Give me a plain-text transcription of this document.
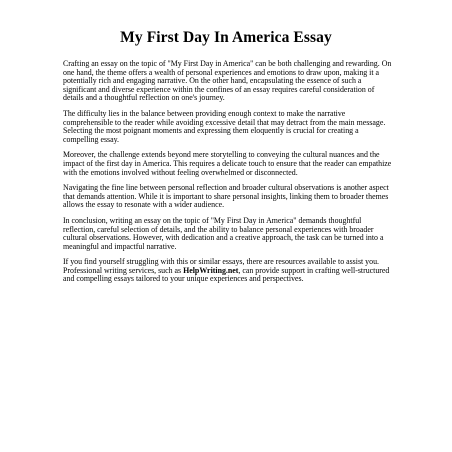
My First Day In America Essay

Crafting an essay on the topic of "My First Day in America" can be both challenging and rewarding. On one hand, the theme offers a wealth of personal experiences and emotions to draw upon, making it a potentially rich and engaging narrative. On the other hand, encapsulating the essence of such a significant and diverse experience within the confines of an essay requires careful consideration of details and a thoughtful reflection on one's journey.

The difficulty lies in the balance between providing enough context to make the narrative comprehensible to the reader while avoiding excessive detail that may detract from the main message. Selecting the most poignant moments and expressing them eloquently is crucial for creating a compelling essay.

Moreover, the challenge extends beyond mere storytelling to conveying the cultural nuances and the impact of the first day in America. This requires a delicate touch to ensure that the reader can empathize with the emotions involved without feeling overwhelmed or disconnected.

Navigating the fine line between personal reflection and broader cultural observations is another aspect that demands attention. While it is important to share personal insights, linking them to broader themes allows the essay to resonate with a wider audience.

In conclusion, writing an essay on the topic of "My First Day in America" demands thoughtful reflection, careful selection of details, and the ability to balance personal experiences with broader cultural observations. However, with dedication and a creative approach, the task can be turned into a meaningful and impactful narrative.

If you find yourself struggling with this or similar essays, there are resources available to assist you. Professional writing services, such as HelpWriting.net, can provide support in crafting well-structured and compelling essays tailored to your unique experiences and perspectives.
